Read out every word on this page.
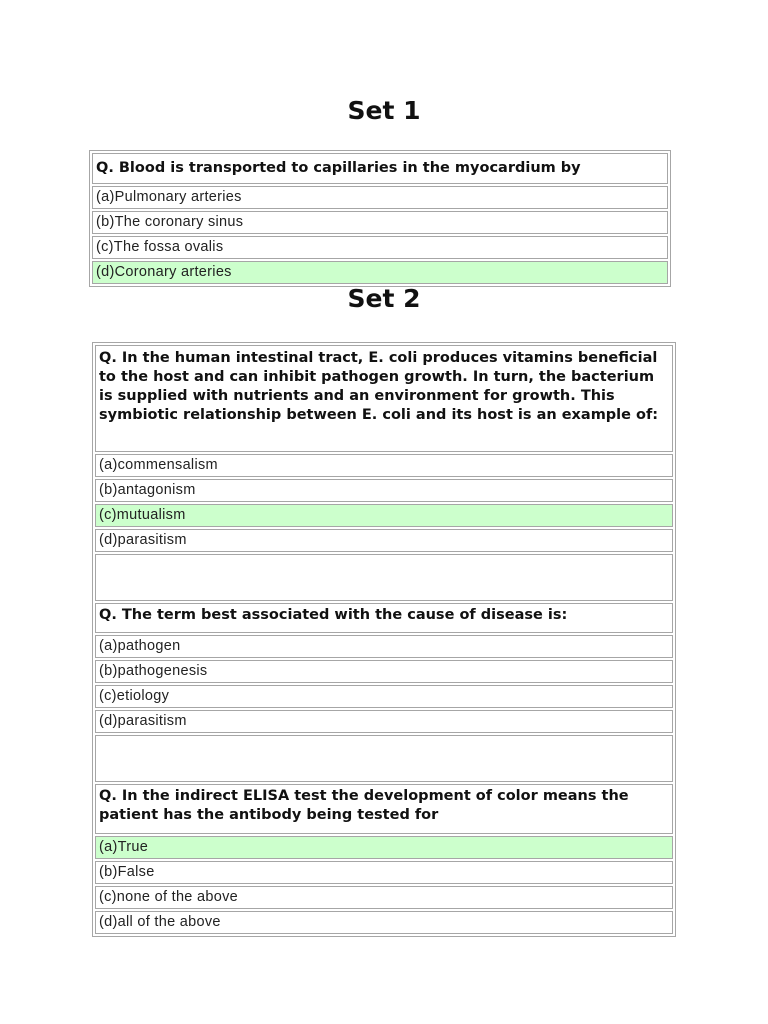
Set 1
Q. Blood is transported to capillaries in the myocardium by
(a)Pulmonary arteries
(b)The coronary sinus
(c)The fossa ovalis
(d)Coronary arteries
Set 2
Q. In the human intestinal tract, E. coli produces vitamins beneficial to the host and can inhibit pathogen growth. In turn, the bacterium is supplied with nutrients and an environment for growth. This symbiotic relationship between E. coli and its host is an example of:
(a)commensalism
(b)antagonism
(c)mutualism
(d)parasitism
Q. The term best associated with the cause of disease is:
(a)pathogen
(b)pathogenesis
(c)etiology
(d)parasitism
Q. In the indirect ELISA test the development of color means the patient has the antibody being tested for
(a)True
(b)False
(c)none of the above
(d)all of the above
